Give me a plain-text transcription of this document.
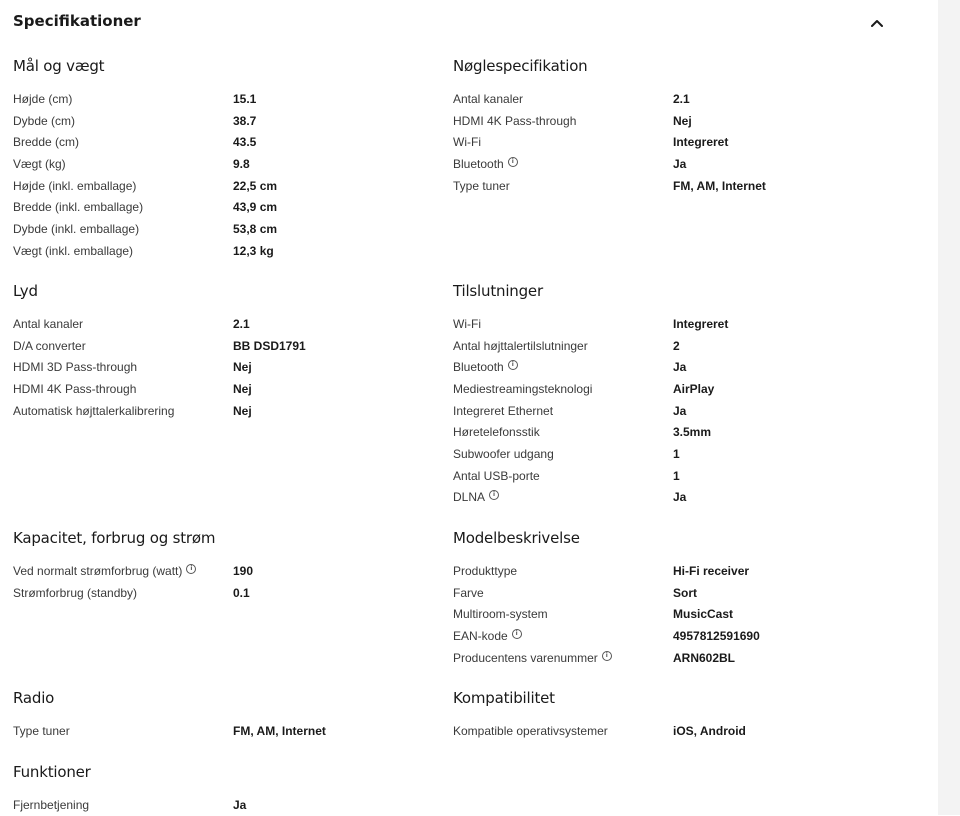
Specifikationer
Mål og vægt
Højde (cm)	15.1
Dybde (cm)	38.7
Bredde (cm)	43.5
Vægt (kg)	9.8
Højde (inkl. emballage)	22,5 cm
Bredde (inkl. emballage)	43,9 cm
Dybde (inkl. emballage)	53,8 cm
Vægt (inkl. emballage)	12,3 kg
Nøglespecifikation
Antal kanaler	2.1
HDMI 4K Pass-through	Nej
Wi-Fi	Integreret
Bluetooth	i	Ja
Type tuner	FM, AM, Internet
Lyd
Antal kanaler	2.1
D/A converter	BB DSD1791
HDMI 3D Pass-through	Nej
HDMI 4K Pass-through	Nej
Automatisk højttalerkalibrering	Nej
Tilslutninger
Wi-Fi	Integreret
Antal højttalertilslutninger	2
Bluetooth	i	Ja
Mediestreamingsteknologi	AirPlay
Integreret Ethernet	Ja
Høretelefonsstik	3.5mm
Subwoofer udgang	1
Antal USB-porte	1
DLNA	i	Ja
Kapacitet, forbrug og strøm
Ved normalt strømforbrug (watt)	i	190
Strømforbrug (standby)	0.1
Modelbeskrivelse
Produkttype	Hi-Fi receiver
Farve	Sort
Multiroom-system	MusicCast
EAN-kode	i	4957812591690
Producentens varenummer	i	ARN602BL
Radio
Type tuner	FM, AM, Internet
Kompatibilitet
Kompatible operativsystemer	iOS, Android
Funktioner
Fjernbetjening	Ja
